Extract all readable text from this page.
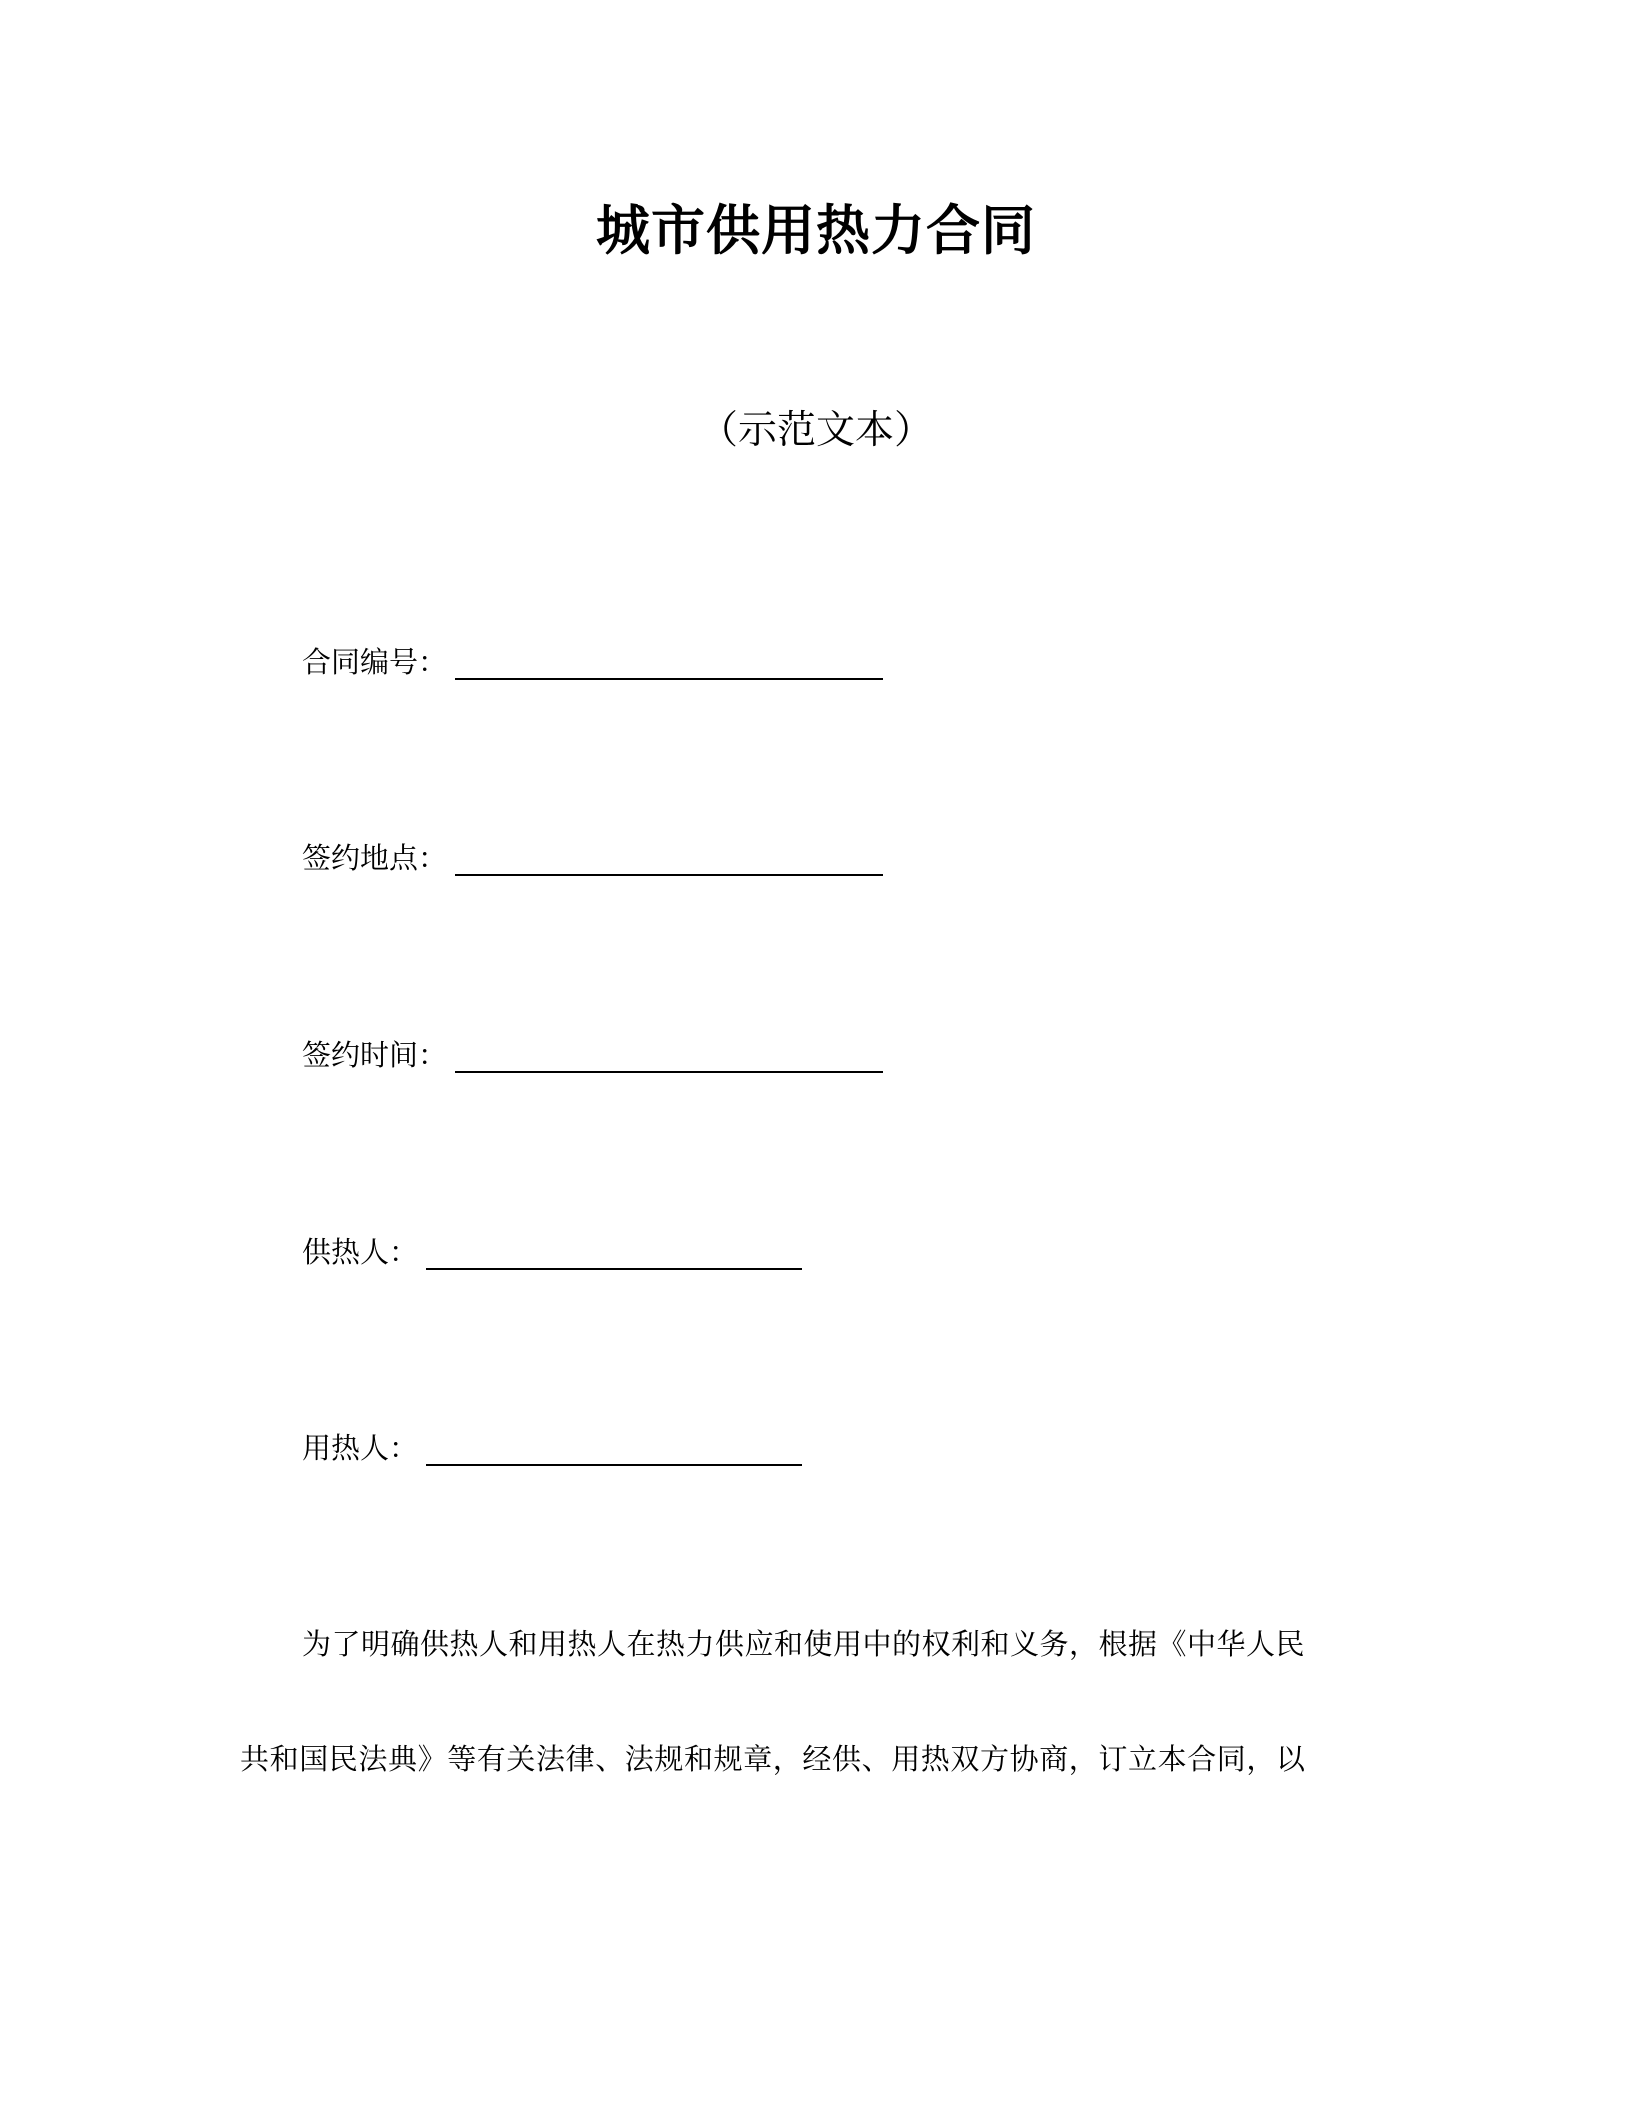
城市供用热力合同
（示范文本）
合同编号：
签约地点：
签约时间：
供热人：
用热人：
为了明确供热人和用热人在热力供应和使用中的权利和义务，根据《中华人民
共和国民法典》等有关法律、法规和规章，经供、用热双方协商，订立本合同，以
